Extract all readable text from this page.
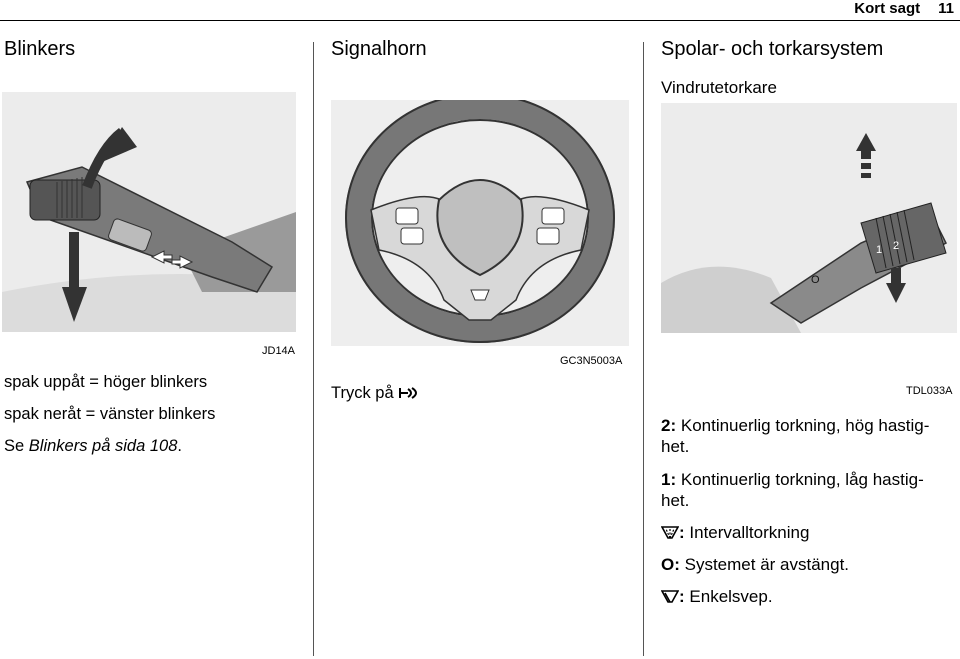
Kort sagt 11
Blinkers
JD14A
spak uppåt = höger blinkers
spak neråt = vänster blinkers
Se Blinkers på sida 108.
Signalhorn
GC3N5003A
Tryck på
Spolar- och torkarsystem
Vindrutetorkare
O
1 2
TDL033A
2: Kontinuerlig torkning, hög hastig-
het.
1: Kontinuerlig torkning, låg hastig-
het.
: Intervalltorkning
O: Systemet är avstängt.
: Enkelsvep.
